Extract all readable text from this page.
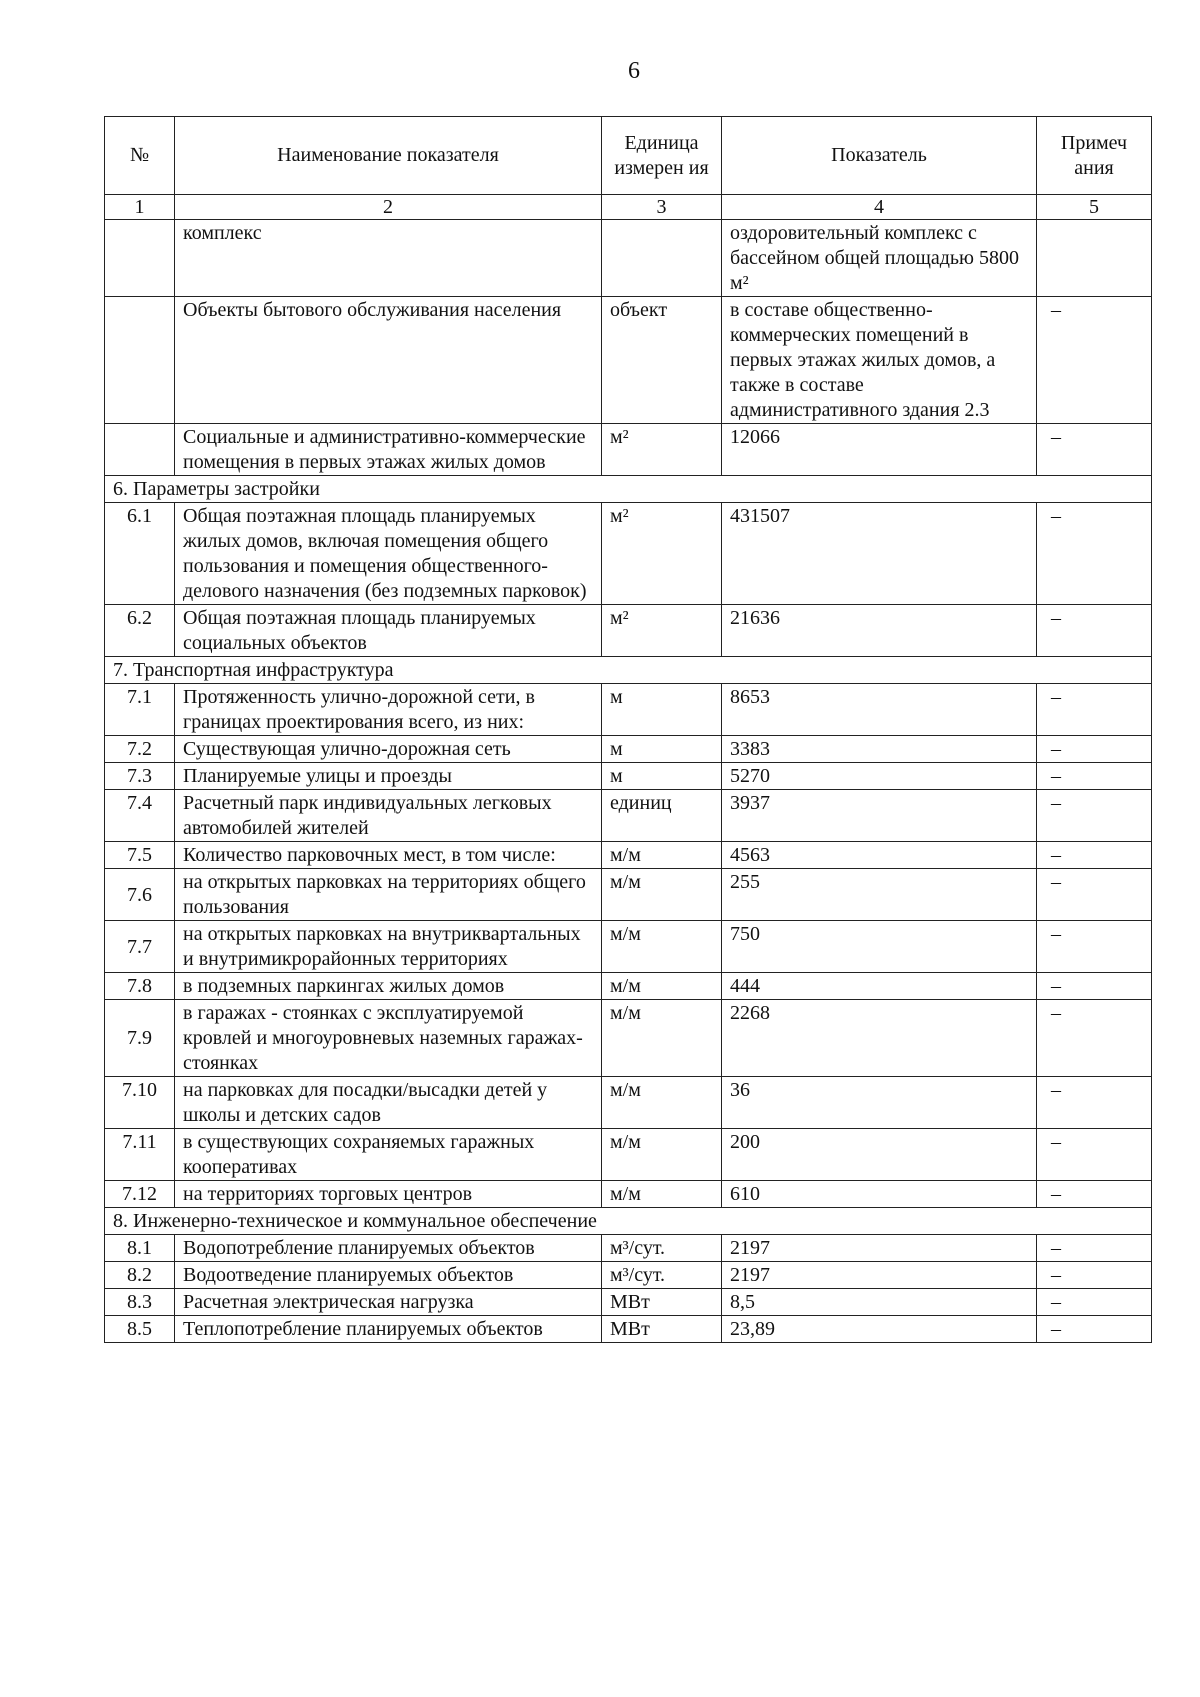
6
№	Наименование показателя	Единица измерен ия	Показатель	Примеч ания
1	2	3	4	5
	комплекс		оздоровительный комплекс с бассейном общей площадью 5800 м²	
	Объекты бытового обслуживания населения	объект	в составе общественно-коммерческих помещений в первых этажах жилых домов, а также в составе административного здания 2.3	–
	Социальные и административно-коммерческие помещения в первых этажах жилых домов	м²	12066	–
6. Параметры застройки				
6.1	Общая поэтажная площадь планируемых жилых домов, включая помещения общего пользования и помещения общественного-делового назначения (без подземных парковок)	м²	431507	–
6.2	Общая поэтажная площадь планируемых социальных объектов	м²	21636	–
7. Транспортная инфраструктура				
7.1	Протяженность улично-дорожной сети, в границах проектирования всего, из них:	м	8653	–
7.2	Существующая улично-дорожная сеть	м	3383	–
7.3	Планируемые улицы и проезды	м	5270	–
7.4	Расчетный парк индивидуальных легковых автомобилей жителей	единиц	3937	–
7.5	Количество парковочных мест, в том числе:	м/м	4563	–
7.6	на открытых парковках на территориях общего пользования	м/м	255	–
7.7	на открытых парковках на внутриквартальных и внутримикрорайонных территориях	м/м	750	–
7.8	в подземных паркингах жилых домов	м/м	444	–
7.9	в гаражах - стоянках с эксплуатируемой кровлей и многоуровневых наземных гаражах-стоянках	м/м	2268	–
7.10	на парковках для посадки/высадки детей у школы и детских садов	м/м	36	–
7.11	в существующих сохраняемых гаражных кооперативах	м/м	200	–
7.12	на территориях торговых центров	м/м	610	–
8. Инженерно-техническое и коммунальное обеспечение				
8.1	Водопотребление планируемых объектов	м³/сут.	2197	–
8.2	Водоотведение планируемых объектов	м³/сут.	2197	–
8.3	Расчетная электрическая нагрузка	МВт	8,5	–
8.5	Теплопотребление планируемых объектов	МВт	23,89	–
